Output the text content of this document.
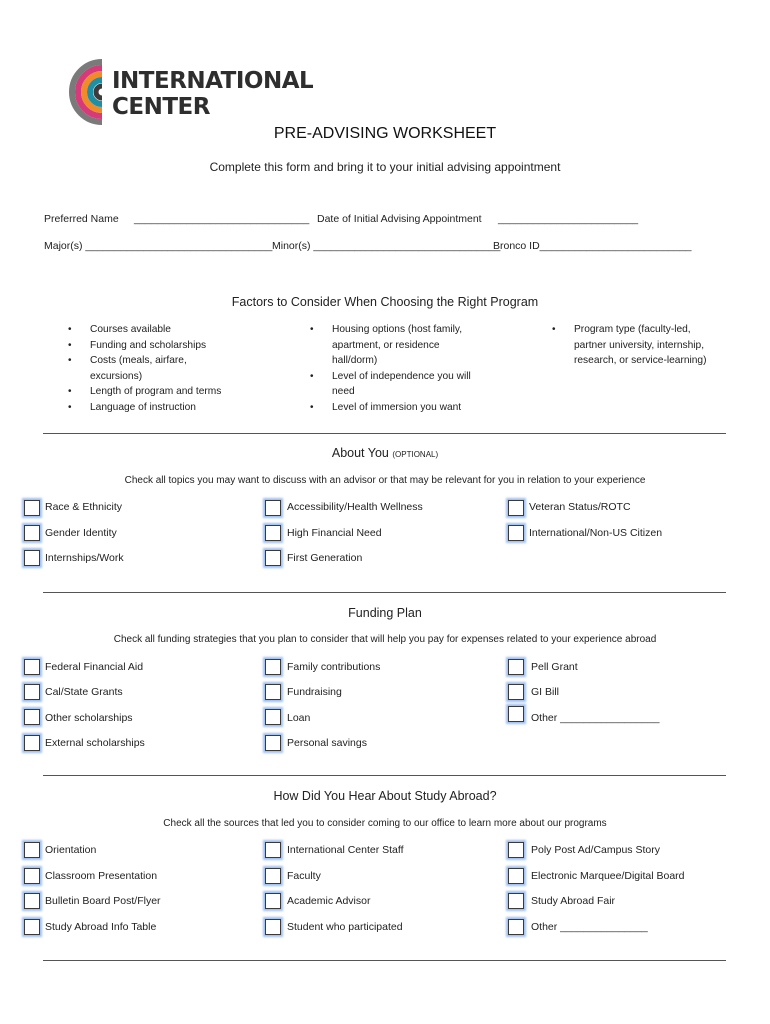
INTERNATIONAL
CENTER
PRE-ADVISING WORKSHEET
Complete this form and bring it to your initial advising appointment
Preferred Name ______________________________ Date of Initial Advising Appointment ________________________
Major(s) ________________________________ Minor(s) ________________________________
Bronco ID__________________________
Factors to Consider When Choosing the Right Program
• Courses available
• Funding and scholarships
• Costs (meals, airfare,
excursions)
• Length of program and terms
• Language of instruction
• Housing options (host family,
apartment, or residence
hall/dorm)
• Level of independence you will
need
• Level of immersion you want
• Program type (faculty-led,
partner university, internship,
research, or service-learning)
About You (OPTIONAL)
Check all topics you may want to discuss with an advisor or that may be relevant for you in relation to your experience
Race & Ethnicity	Accessibility/Health Wellness	Veteran Status/ROTC
Gender Identity	High Financial Need	International/Non-US Citizen
Internships/Work	First Generation
Funding Plan
Check all funding strategies that you plan to consider that will help you pay for expenses related to your experience abroad
Federal Financial Aid	Family contributions	Pell Grant
Cal/State Grants	Fundraising	GI Bill
Other scholarships	Loan	Other _________________
External scholarships	Personal savings
How Did You Hear About Study Abroad?
Check all the sources that led you to consider coming to our office to learn more about our programs
Orientation	International Center Staff	Poly Post Ad/Campus Story
Classroom Presentation	Faculty	Electronic Marquee/Digital Board
Bulletin Board Post/Flyer	Academic Advisor	Study Abroad Fair
Study Abroad Info Table	Student who participated	Other _______________
